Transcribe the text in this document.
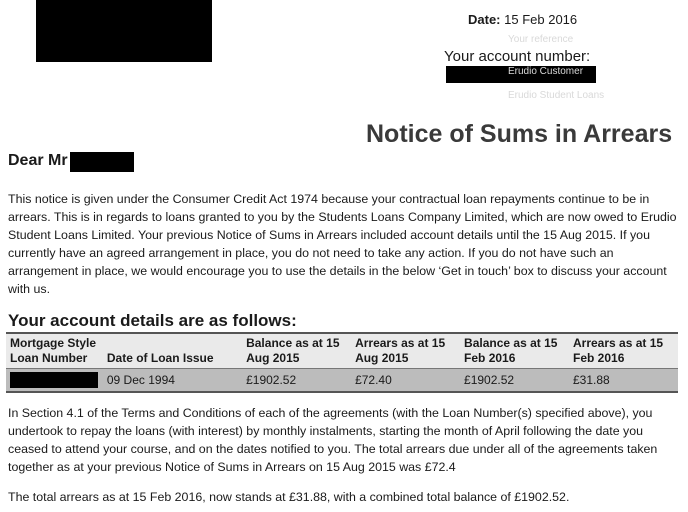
Your reference
Erudio Customer
Erudio Student Loans
Date: 15 Feb 2016
Your account number:
Notice of Sums in Arrears
Dear Mr

This notice is given under the Consumer Credit Act 1974 because your contractual loan repayments continue to be in arrears. This is in regards to loans granted to you by the Students Loans Company Limited, which are now owed to Erudio Student Loans Limited. Your previous Notice of Sums in Arrears included account details until the 15 Aug 2015. If you currently have an agreed arrangement in place, you do not need to take any action. If you do not have such an arrangement in place, we would encourage you to use the details in the below ‘Get in touch’ box to discuss your account with us.

Your account details are as follows:
Mortgage Style Loan Number	Date of Loan Issue	Balance as at 15 Aug 2015	Arrears as at 15 Aug 2015	Balance as at 15 Feb 2016	Arrears as at 15 Feb 2016
	09 Dec 1994	£1902.52	£72.40	£1902.52	£31.88

In Section 4.1 of the Terms and Conditions of each of the agreements (with the Loan Number(s) specified above), you undertook to repay the loans (with interest) by monthly instalments, starting the month of April following the date you ceased to attend your course, and on the dates notified to you. The total arrears due under all of the agreements taken together as at your previous Notice of Sums in Arrears on 15 Aug 2015 was £72.4

The total arrears as at 15 Feb 2016, now stands at £31.88, with a combined total balance of £1902.52.
